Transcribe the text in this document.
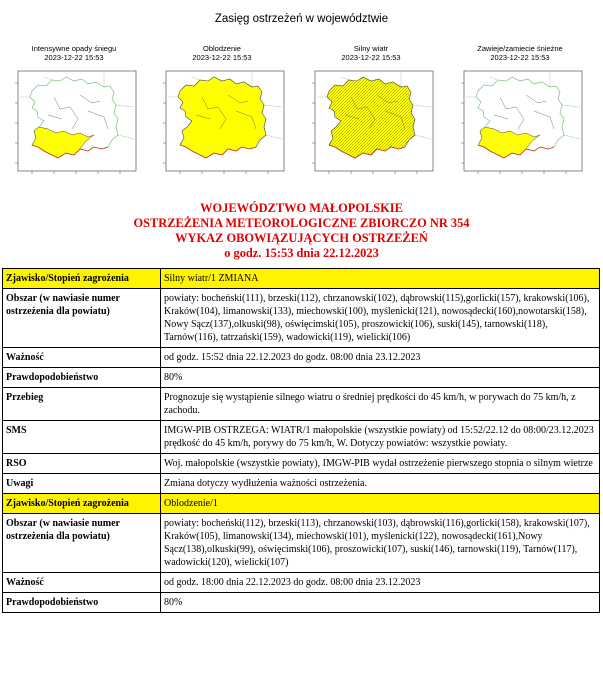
Zasięg ostrzeżeń w województwie
Intensywne opady śniegu
2023-12-22 15:53
Oblodzenie
2023-12-22 15:53
Silny wiatr
2023-12-22 15:53
Zawieje/zamiecie śnieżne
2023-12-22 15:53
WOJEWÓDZTWO MAŁOPOLSKIE
OSTRZEŻENIA METEOROLOGICZNE ZBIORCZO NR 354
WYKAZ OBOWIĄZUJĄCYCH OSTRZEŻEŃ
o godz. 15:53 dnia 22.12.2023
Zjawisko/Stopień zagrożenia	Silny wiatr/1 ZMIANA
Obszar (w nawiasie numer ostrzeżenia dla powiatu)	powiaty: bocheński(111), brzeski(112), chrzanowski(102), dąbrowski(115),gorlicki(157), krakowski(106), Kraków(104), limanowski(133), miechowski(100), myślenicki(121), nowosądecki(160),nowotarski(158), Nowy Sącz(137),olkuski(98), oświęcimski(105), proszowicki(106), suski(145), tarnowski(118), Tarnów(116), tatrzański(159), wadowicki(119), wielicki(106)
Ważność	od godz. 15:52 dnia 22.12.2023 do godz. 08:00 dnia 23.12.2023
Prawdopodobieństwo	80%
Przebieg	Prognozuje się wystąpienie silnego wiatru o średniej prędkości do 45 km/h, w porywach do 75 km/h, z zachodu.
SMS	IMGW-PIB OSTRZEGA: WIATR/1 małopolskie (wszystkie powiaty) od 15:52/22.12 do 08:00/23.12.2023 prędkość do 45 km/h, porywy do 75 km/h, W. Dotyczy powiatów: wszystkie powiaty.
RSO	Woj. małopolskie (wszystkie powiaty), IMGW-PIB wydał ostrzeżenie pierwszego stopnia o silnym wietrze
Uwagi	Zmiana dotyczy wydłużenia ważności ostrzeżenia.
Zjawisko/Stopień zagrożenia	Oblodzenie/1
Obszar (w nawiasie numer ostrzeżenia dla powiatu)	powiaty: bocheński(112), brzeski(113), chrzanowski(103), dąbrowski(116),gorlicki(158), krakowski(107), Kraków(105), limanowski(134), miechowski(101), myślenicki(122), nowosądecki(161),Nowy Sącz(138),olkuski(99), oświęcimski(106), proszowicki(107), suski(146), tarnowski(119), Tarnów(117), wadowicki(120), wielicki(107)
Ważność	od godz. 18:00 dnia 22.12.2023 do godz. 08:00 dnia 23.12.2023
Prawdopodobieństwo	80%
